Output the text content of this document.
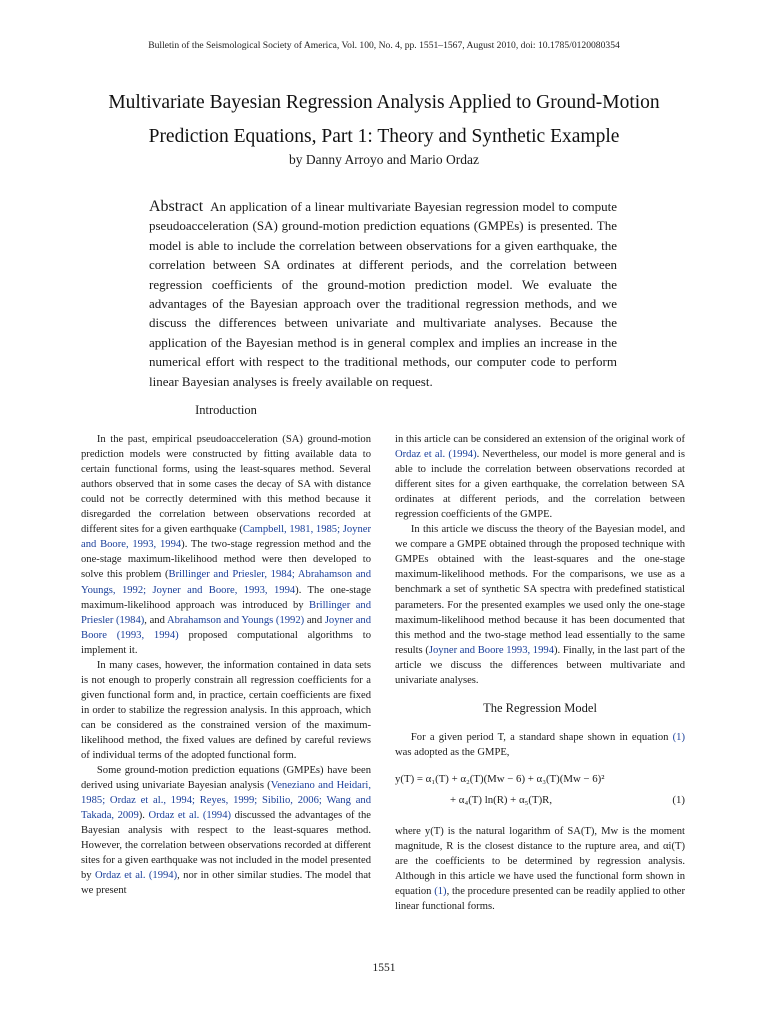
Bulletin of the Seismological Society of America, Vol. 100, No. 4, pp. 1551–1567, August 2010, doi: 10.1785/0120080354
Multivariate Bayesian Regression Analysis Applied to Ground-Motion
Prediction Equations, Part 1: Theory and Synthetic Example
by Danny Arroyo and Mario Ordaz
Abstract An application of a linear multivariate Bayesian regression model to compute pseudoacceleration (SA) ground-motion prediction equations (GMPEs) is presented. The model is able to include the correlation between observations for a given earthquake, the correlation between SA ordinates at different periods, and the correlation between regression coefficients of the ground-motion prediction model. We evaluate the advantages of the Bayesian approach over the traditional regression methods, and we discuss the differences between univariate and multivariate analyses. Because the application of the Bayesian method is in general complex and implies an increase in the numerical effort with respect to the traditional methods, our computer code to perform linear Bayesian analyses is freely available on request.
Introduction

In the past, empirical pseudoacceleration (SA) ground-motion prediction models were constructed by fitting available data to certain functional forms, using the least-squares method. Several authors observed that in some cases the decay of SA with distance could not be correctly determined with this method because it disregarded the correlation between observations recorded at different sites for a given earthquake (Campbell, 1981, 1985; Joyner and Boore, 1993, 1994). The two-stage regression method and the one-stage maximum-likelihood method were then developed to solve this problem (Brillinger and Priesler, 1984; Abrahamson and Youngs, 1992; Joyner and Boore, 1993, 1994). The one-stage maximum-likelihood approach was introduced by Brillinger and Priesler (1984), and Abrahamson and Youngs (1992) and Joyner and Boore (1993, 1994) proposed computational algorithms to implement it.

In many cases, however, the information contained in data sets is not enough to properly constrain all regression coefficients for a given functional form and, in practice, certain coefficients are fixed in order to stabilize the regression analysis. In this approach, which can be considered as the constrained version of the maximum-likelihood method, the fixed values are defined by careful reviews of individual terms of the adopted functional form.

Some ground-motion prediction equations (GMPEs) have been derived using univariate Bayesian analysis (Veneziano and Heidari, 1985; Ordaz et al., 1994; Reyes, 1999; Sibilio, 2006; Wang and Takada, 2009). Ordaz et al. (1994) discussed the advantages of the Bayesian analysis with respect to the least-squares method. However, the correlation between observations recorded at different sites for a given earthquake was not included in the model presented by Ordaz et al. (1994), nor in other similar studies. The model that we present

in this article can be considered an extension of the original work of Ordaz et al. (1994). Nevertheless, our model is more general and is able to include the correlation between observations recorded at different sites for a given earthquake, the correlation between SA ordinates at different periods, and the correlation between regression coefficients of the GMPE.

In this article we discuss the theory of the Bayesian model, and we compare a GMPE obtained through the proposed technique with GMPEs obtained with the least-squares and the one-stage maximum-likelihood methods. For the comparisons, we use as a benchmark a set of synthetic SA spectra with predefined statistical parameters. For the presented examples we used only the one-stage maximum-likelihood method because it has been documented that this method and the two-stage method lead essentially to the same results (Joyner and Boore 1993, 1994). Finally, in the last part of the article we discuss the differences between multivariate and univariate analyses.

The Regression Model

For a given period T, a standard shape shown in equation (1) was adopted as the GMPE,

y(T) = α₁(T) + α₂(T)(Mw − 6) + α₃(T)(Mw − 6)²
+ α₄(T) ln(R) + α₅(T)R,	(1)

where y(T) is the natural logarithm of SA(T), Mw is the moment magnitude, R is the closest distance to the rupture area, and αi(T) are the coefficients to be determined by regression analysis. Although in this article we have used the functional form shown in equation (1), the procedure presented can be readily applied to other linear functional forms.

1551
